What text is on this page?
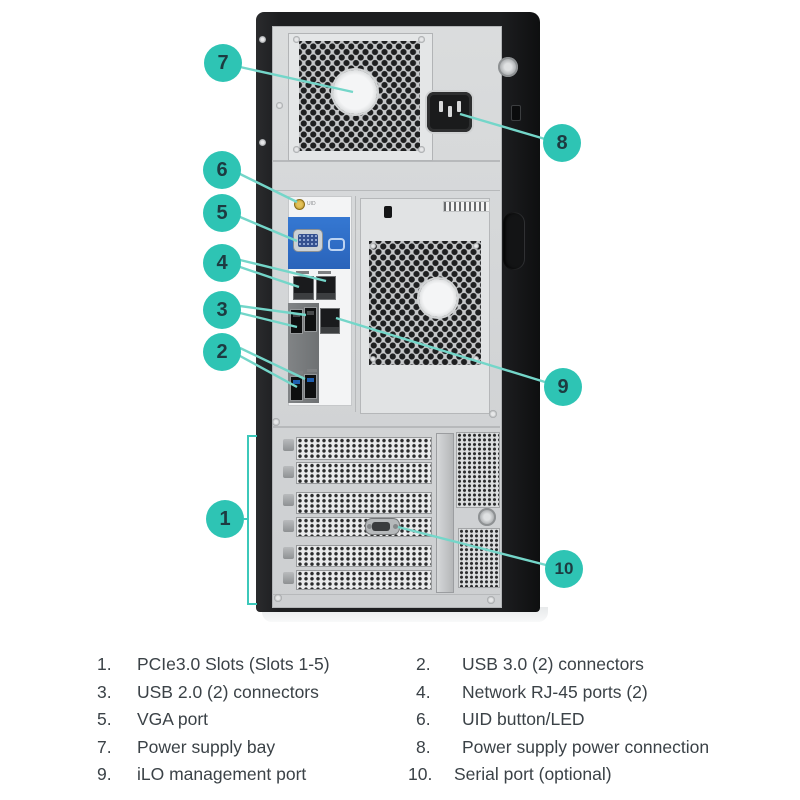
UID
1
2
3
4
5
6
7
8
9
10
1.	PCIe3.0 Slots (Slots 1-5)
3.	USB 2.0 (2) connectors
5.	VGA port
7.	Power supply bay
9.	iLO management port
2.	USB 3.0 (2) connectors
4.	Network RJ-45 ports (2)
6.	UID button/LED
8.	Power supply power connection
10.	Serial port (optional)
